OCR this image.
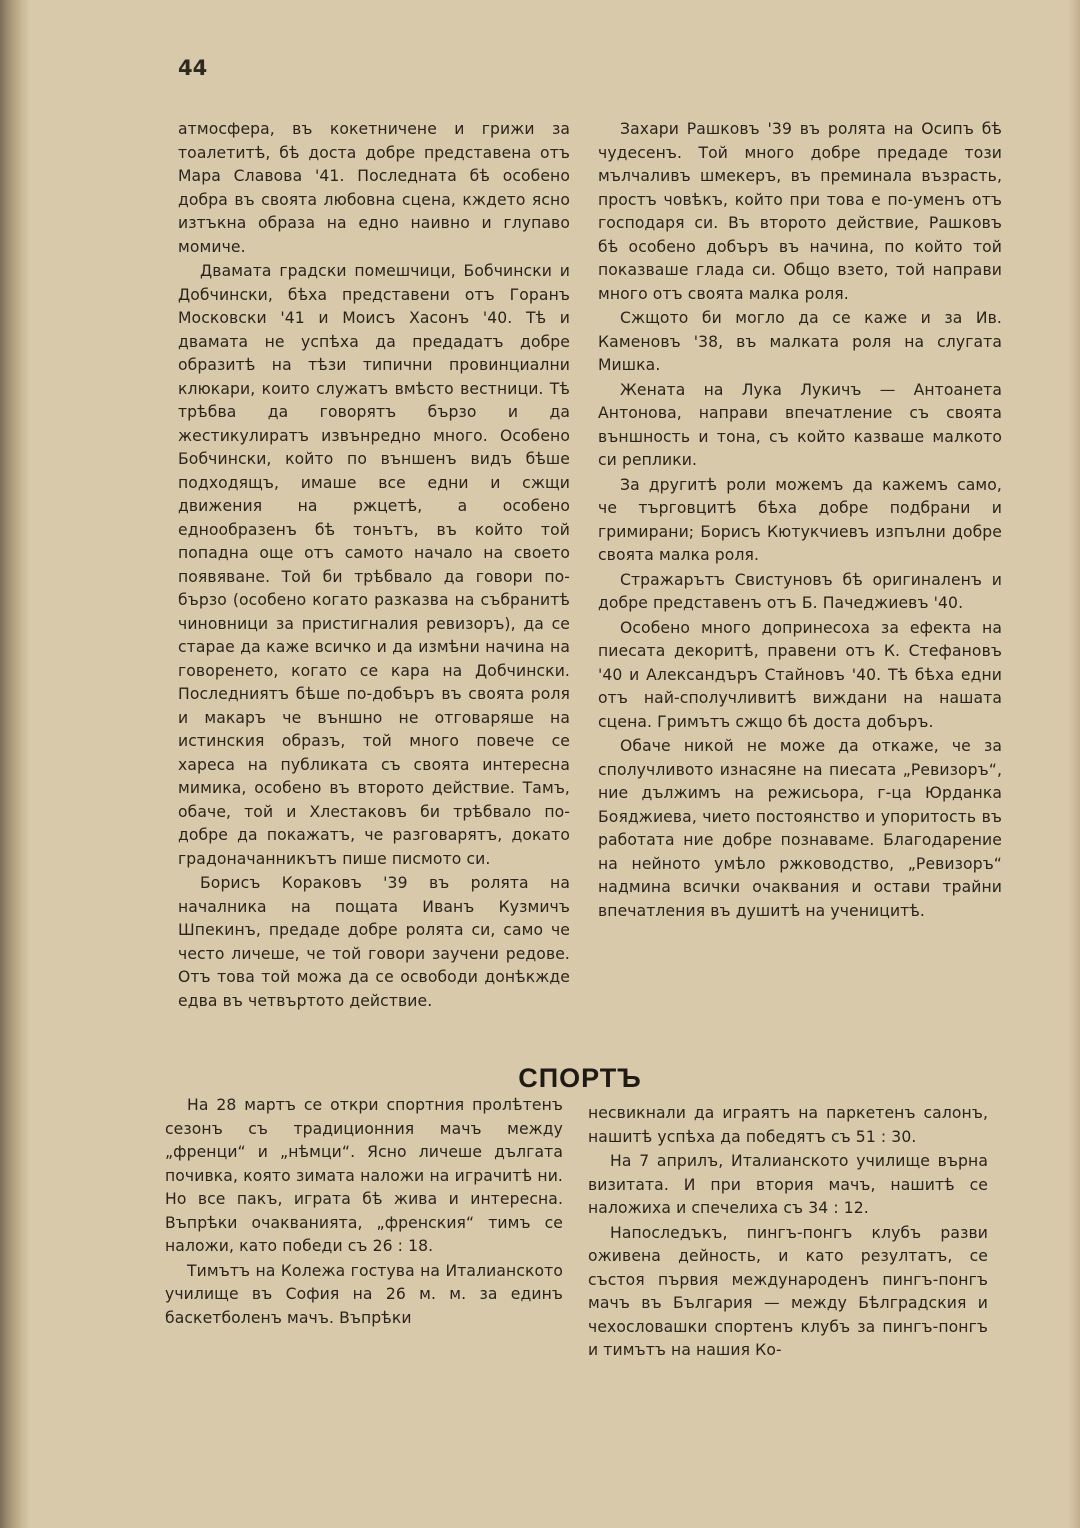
44

атмосфера, въ кокетничене и грижи за тоалетитѣ, бѣ доста добре представена отъ Мара Славова '41. Последната бѣ особено добра въ своята любовна сцена, кждето ясно изтъкна образа на едно наивно и глупаво момиче.

Двамата градски помешчици, Бобчински и Добчински, бѣха представени отъ Горанъ Московски '41 и Моисъ Хасонъ '40. Тѣ и двамата не успѣха да предадатъ добре образитѣ на тѣзи типични провинциални клюкари, които служатъ вмѣсто вестници. Тѣ трѣбва да говорятъ бързо и да жестикулиратъ извънредно много. Особено Бобчински, който по външенъ видъ бѣше подходящъ, имаше все едни и сжщи движения на ржцетѣ, а особено еднообразенъ бѣ тонътъ, въ който той попадна още отъ самото начало на своето появяване. Той би трѣбвало да говори по-бързо (особено когато разказва на събранитѣ чиновници за пристигналия ревизоръ), да се старае да каже всичко и да измѣни начина на говоренето, когато се кара на Добчински. Последниятъ бѣше по-добъръ въ своята роля и макаръ че външно не отговаряше на истинския образъ, той много повече се хареса на публиката съ своята интересна мимика, особено въ второто действие. Тамъ, обаче, той и Хлестаковъ би трѣбвало по-добре да покажатъ, че разговарятъ, докато градоначанникътъ пише писмото си.

Борисъ Кораковъ '39 въ ролята на началника на пощата Иванъ Кузмичъ Шпекинъ, предаде добре ролята си, само че често личеше, че той говори заучени редове. Отъ това той можа да се освободи донѣкжде едва въ четвъртото действие.

Захари Рашковъ '39 въ ролята на Осипъ бѣ чудесенъ. Той много добре предаде този мълчаливъ шмекеръ, въ преминала възрасть, простъ човѣкъ, който при това е по-уменъ отъ господаря си. Въ второто действие, Рашковъ бѣ особено добъръ въ начина, по който той показваше глада си. Общо взето, той направи много отъ своята малка роля.

Сжщото би могло да се каже и за Ив. Каменовъ '38, въ малката роля на слугата Мишка.

Жената на Лука Лукичъ — Антоанета Антонова, направи впечатление съ своята външность и тона, съ който казваше малкото си реплики.

За другитѣ роли можемъ да кажемъ само, че търговцитѣ бѣха добре подбрани и гримирани; Борисъ Кютукчиевъ изпълни добре своята малка роля.

Стражарътъ Свистуновъ бѣ оригиналенъ и добре представенъ отъ Б. Пачеджиевъ '40.

Особено много допринесоха за ефекта на пиесата декоритѣ, правени отъ К. Стефановъ '40 и Александъръ Стайновъ '40. Тѣ бѣха едни отъ най-сполучливитѣ виждани на нашата сцена. Гримътъ сжщо бѣ доста добъръ.

Обаче никой не може да откаже, че за сполучливото изнасяне на пиесата „Ревизоръ“, ние дължимъ на режисьора, г-ца Юрданка Бояджиева, чието постоянство и упоритость въ работата ние добре познаваме. Благодарение на нейното умѣло ржководство, „Ревизоръ“ надмина всички очаквания и остави трайни впечатления въ душитѣ на ученицитѣ.

СПОРТЪ

На 28 мартъ се откри спортния пролѣтенъ сезонъ съ традиционния мачъ между „френци“ и „нѣмци“. Ясно личеше дългата почивка, която зимата наложи на играчитѣ ни. Но все пакъ, играта бѣ жива и интересна. Въпрѣки очакванията, „френския“ тимъ се наложи, като победи съ 26 : 18.

Тимътъ на Колежа гостува на Италианското училище въ София на 26 м. м. за единъ баскетболенъ мачъ. Въпрѣки

несвикнали да играятъ на паркетенъ салонъ, нашитѣ успѣха да победятъ съ 51 : 30.

На 7 априлъ, Италианското училище върна визитата. И при втория мачъ, нашитѣ се наложиха и спечелиха съ 34 : 12.

Напоследъкъ, пингъ-понгъ клубъ разви оживена дейность, и като резултатъ, се състоя първия международенъ пингъ-понгъ мачъ въ България — между Бѣлградския и чехословашки спортенъ клубъ за пингъ-понгъ и тимътъ на нашия Ко-
